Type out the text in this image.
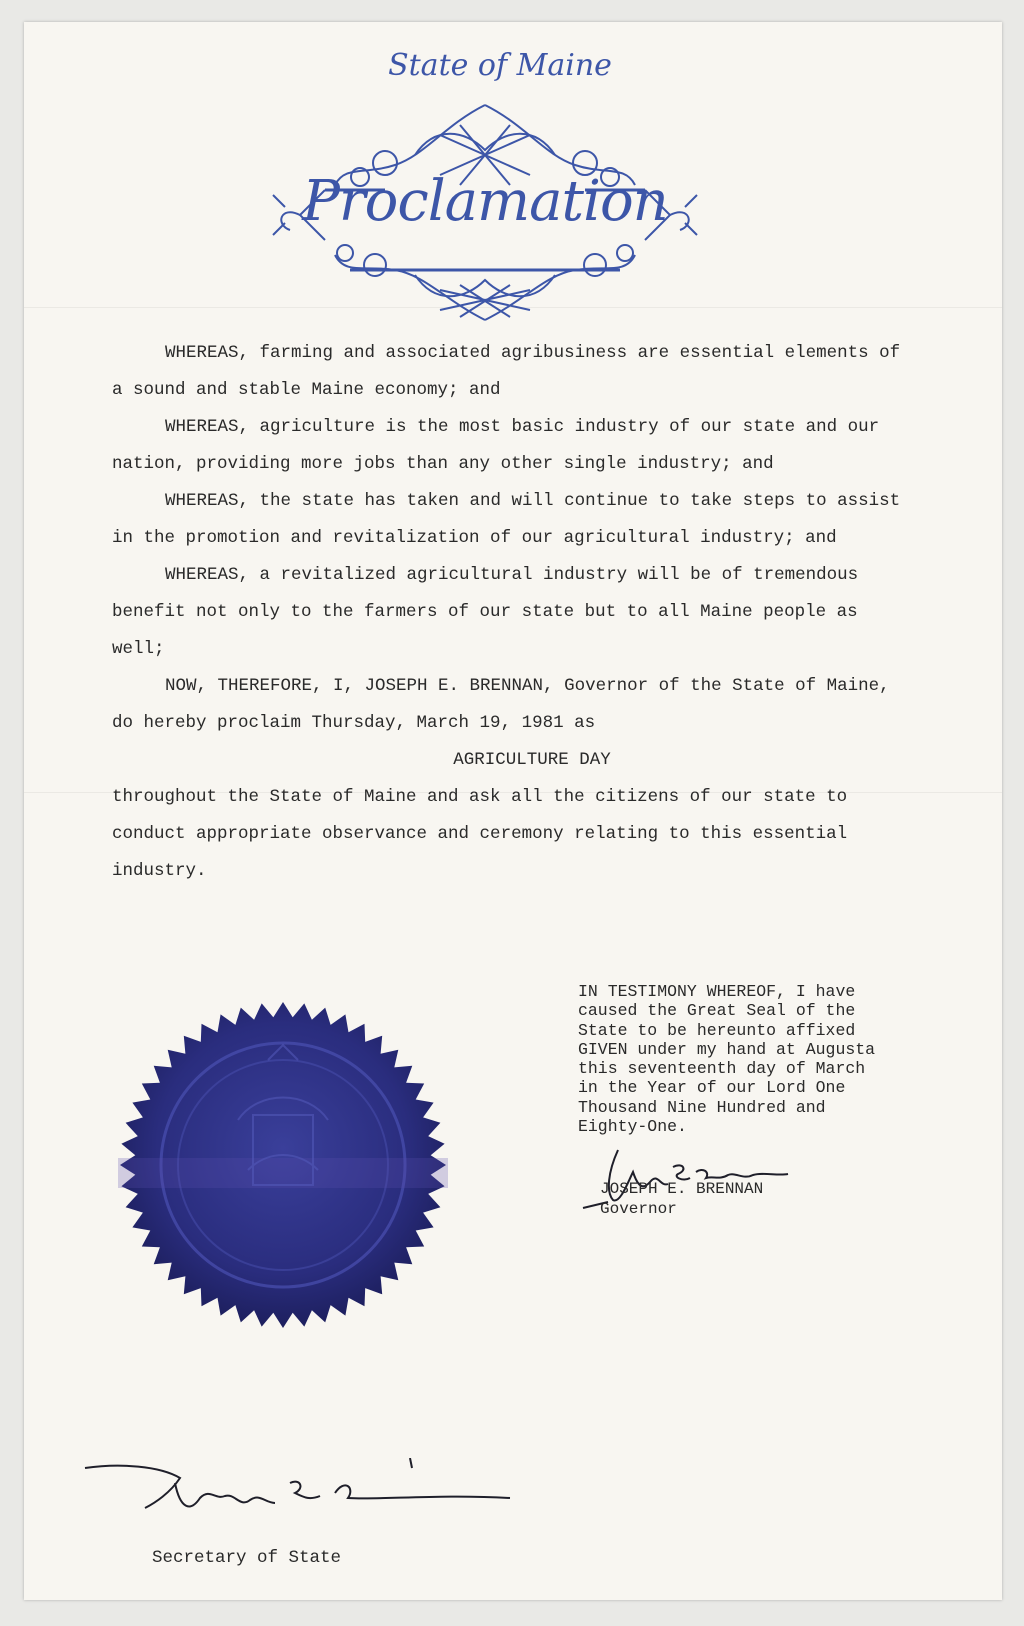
State of Maine
Proclamation

WHEREAS, farming and associated agribusiness are essential elements of a sound and stable Maine economy; and

WHEREAS, agriculture is the most basic industry of our state and our nation, providing more jobs than any other single industry; and

WHEREAS, the state has taken and will continue to take steps to assist in the promotion and revitalization of our agricultural industry; and

WHEREAS, a revitalized agricultural industry will be of tremendous benefit not only to the farmers of our state but to all Maine people as well;

NOW, THEREFORE, I, JOSEPH E. BRENNAN, Governor of the State of Maine, do hereby proclaim Thursday, March 19, 1981 as

AGRICULTURE DAY

throughout the State of Maine and ask all the citizens of our state to conduct appropriate observance and ceremony relating to this essential industry.

IN TESTIMONY WHEREOF, I have
caused the Great Seal of the
State to be hereunto affixed
GIVEN under my hand at Augusta
this seventeenth day of March
in the Year of our Lord One
Thousand Nine Hundred and
Eighty-One.
JOSEPH E. BRENNAN
Governor
Secretary of State
